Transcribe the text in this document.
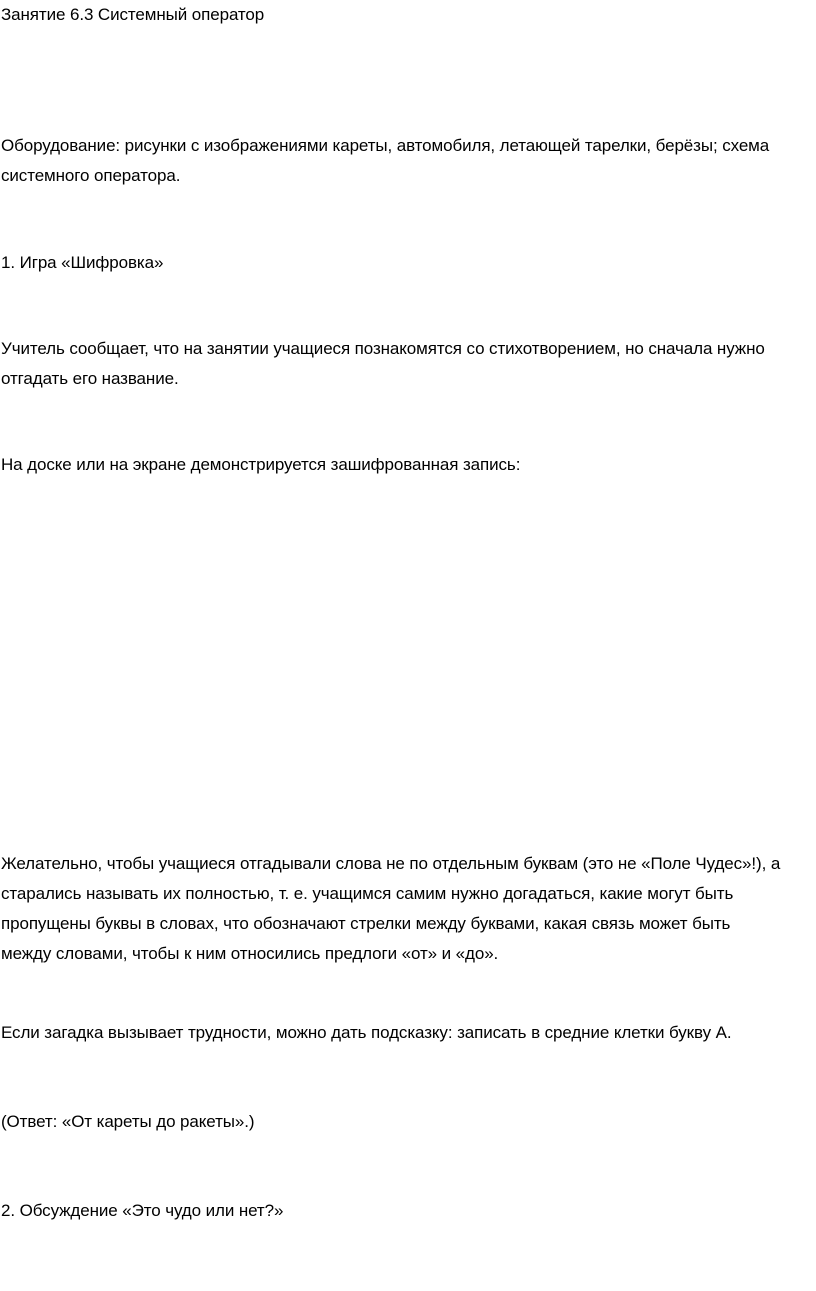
Занятие 6.3 Системный оператор

Оборудование: рисунки с изображениями кареты, автомобиля, летающей тарелки, берёзы; схема
системного оператора.

1. Игра «Шифровка»

Учитель сообщает, что на занятии учащиеся познакомятся со стихотворением, но сначала нужно
отгадать его название.

На доске или на экране демонстрируется зашифрованная запись:

Желательно, чтобы учащиеся отгадывали слова не по отдельным буквам (это не «Поле Чудес»!), а
старались называть их полностью, т. е. учащимся самим нужно догадаться, какие могут быть
пропущены буквы в словах, что обозначают стрелки между буквами, какая связь может быть
между словами, чтобы к ним относились предлоги «от» и «до».

Если загадка вызывает трудности, можно дать подсказку: записать в средние клетки букву А.

(Ответ: «От кареты до ракеты».)

2. Обсуждение «Это чудо или нет?»
